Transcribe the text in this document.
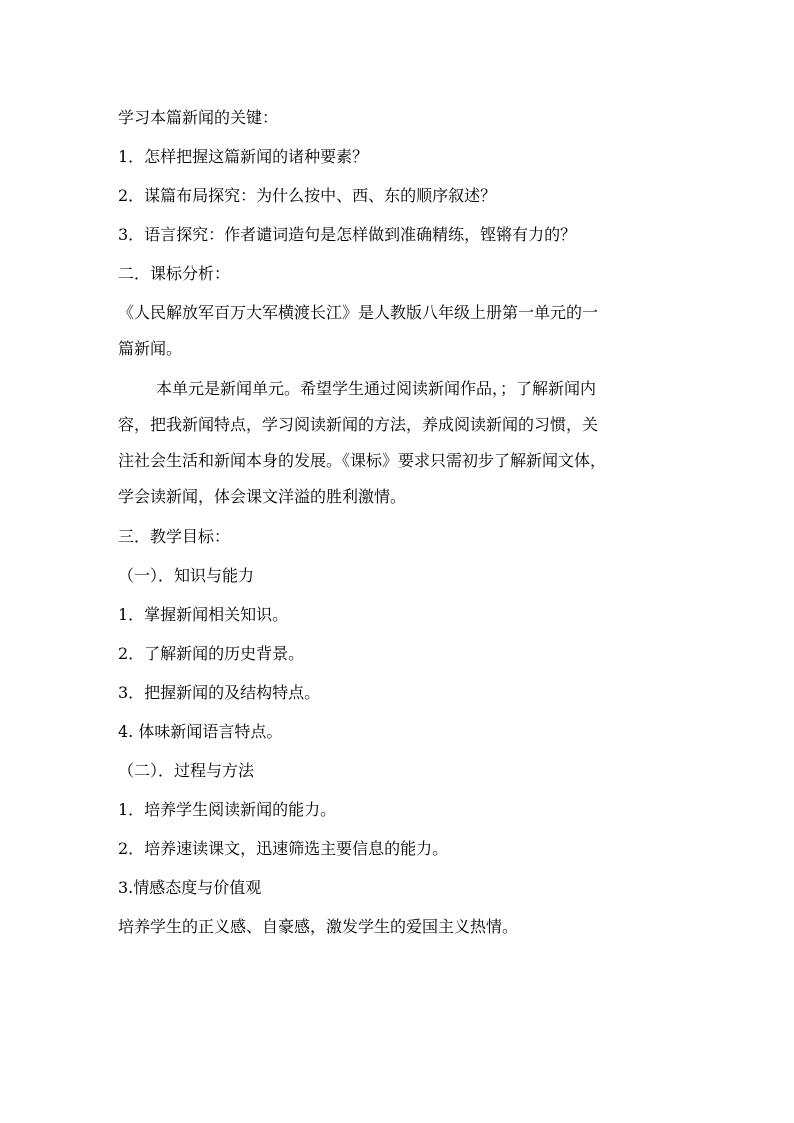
学习本篇新闻的关键：
1．怎样把握这篇新闻的诸种要素？
2．谋篇布局探究：为什么按中、西、东的顺序叙述？
3．语言探究：作者谴词造句是怎样做到准确精练，铿锵有力的？
二．课标分析：
《人民解放军百万大军横渡长江》是人教版八年级上册第一单元的一
篇新闻。
本单元是新闻单元。希望学生通过阅读新闻作品，；了解新闻内
容，把我新闻特点，学习阅读新闻的方法，养成阅读新闻的习惯，关
注社会生活和新闻本身的发展。《课标》要求只需初步了解新闻文体，
学会读新闻，体会课文洋溢的胜利激情。
三．教学目标：
（一）．知识与能力
1．掌握新闻相关知识。
2．了解新闻的历史背景。
3．把握新闻的及结构特点。
4. 体味新闻语言特点。
（二）．过程与方法
1．培养学生阅读新闻的能力。
2．培养速读课文，迅速筛选主要信息的能力。
3.情感态度与价值观
培养学生的正义感、自豪感，激发学生的爱国主义热情。
